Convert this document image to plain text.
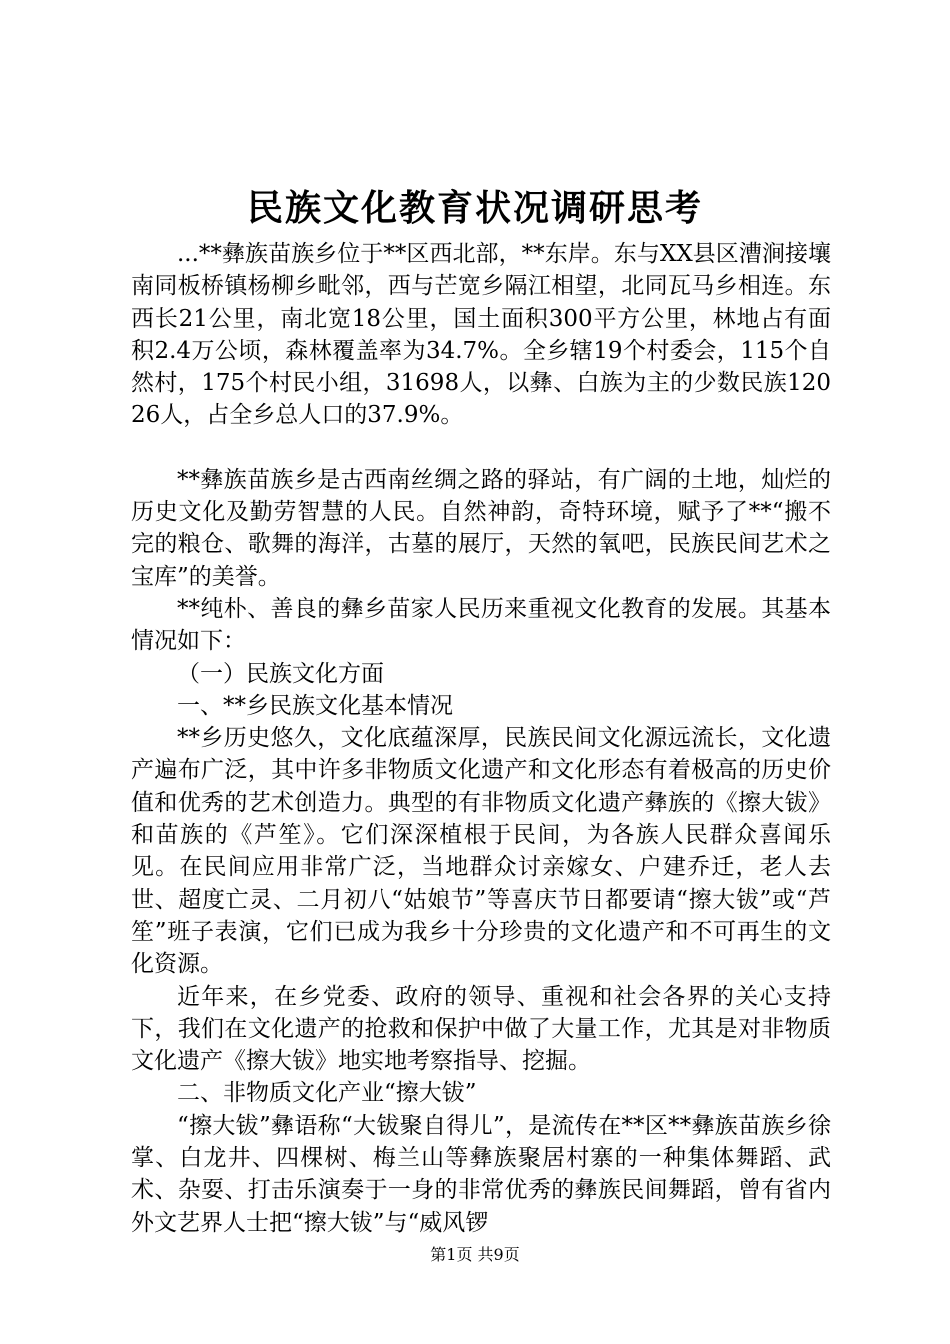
民族文化教育状况调研思考

...**彝族苗族乡位于**区西北部，**东岸。东与XX县区漕涧接壤南同板桥镇杨柳乡毗邻，西与芒宽乡隔江相望，北同瓦马乡相连。东西长21公里，南北宽18公里，国土面积300平方公里，林地占有面积2.4万公顷，森林覆盖率为34.7%。全乡辖19个村委会，115个自然村，175个村民小组，31698人，以彝、白族为主的少数民族12026人，占全乡总人口的37.9%。

**彝族苗族乡是古西南丝绸之路的驿站，有广阔的土地，灿烂的历史文化及勤劳智慧的人民。自然神韵，奇特环境，赋予了**“搬不完的粮仓、歌舞的海洋，古墓的展厅，天然的氧吧，民族民间艺术之宝库”的美誉。

**纯朴、善良的彝乡苗家人民历来重视文化教育的发展。其基本情况如下：

（一）民族文化方面

一、**乡民族文化基本情况

**乡历史悠久，文化底蕴深厚，民族民间文化源远流长，文化遗产遍布广泛，其中许多非物质文化遗产和文化形态有着极高的历史价值和优秀的艺术创造力。典型的有非物质文化遗产彝族的《擦大钹》和苗族的《芦笙》。它们深深植根于民间，为各族人民群众喜闻乐见。在民间应用非常广泛，当地群众讨亲嫁女、户建乔迁，老人去世、超度亡灵、二月初八“姑娘节”等喜庆节日都要请“擦大钹”或“芦笙”班子表演，它们已成为我乡十分珍贵的文化遗产和不可再生的文化资源。

近年来，在乡党委、政府的领导、重视和社会各界的关心支持下，我们在文化遗产的抢救和保护中做了大量工作，尤其是对非物质文化遗产《擦大钹》地实地考察指导、挖掘。

二、非物质文化产业“擦大钹”

“擦大钹”彝语称“大钹聚自得儿”，是流传在**区**彝族苗族乡徐掌、白龙井、四棵树、梅兰山等彝族聚居村寨的一种集体舞蹈、武术、杂耍、打击乐演奏于一身的非常优秀的彝族民间舞蹈，曾有省内外文艺界人士把“擦大钹”与“威风锣

第1页 共9页
